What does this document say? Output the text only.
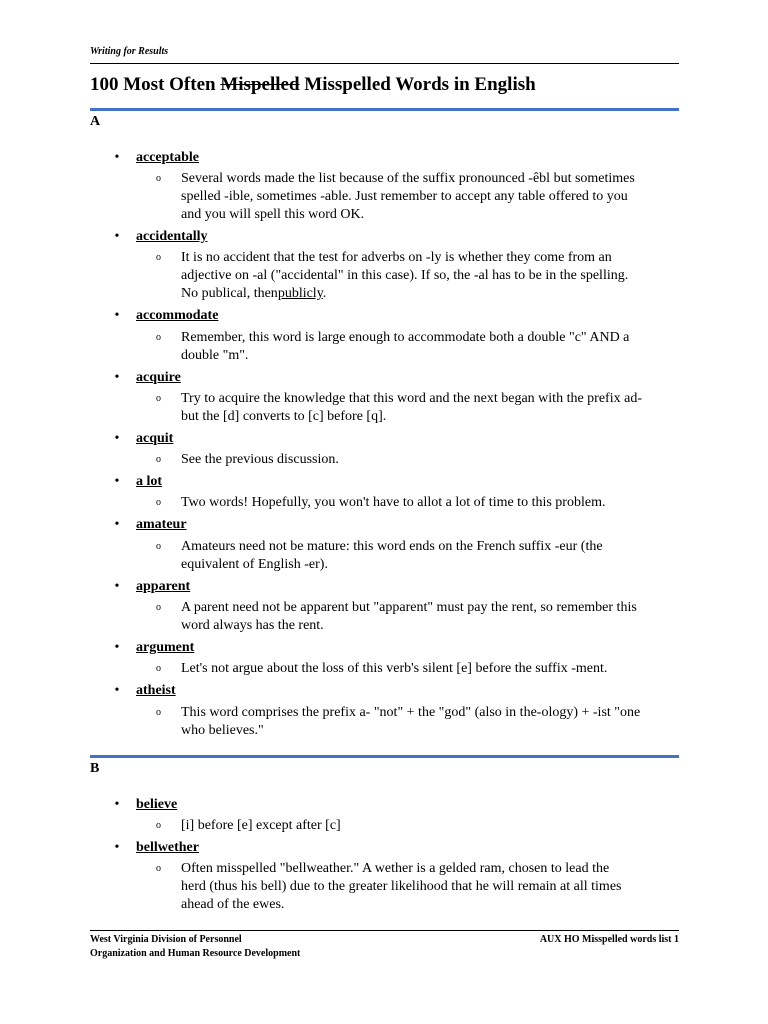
Writing for Results
100 Most Often Mispelled Misspelled Words in English
A
•	acceptable
o Several words made the list because of the suffix pronounced -êbl but sometimes
spelled -ible, sometimes -able. Just remember to accept any table offered to you
and you will spell this word OK.
•	accidentally
o It is no accident that the test for adverbs on -ly is whether they come from an
adjective on -al ("accidental" in this case). If so, the -al has to be in the spelling.
No publical, thenpublicly.
•	accommodate
o Remember, this word is large enough to accommodate both a double "c" AND a
double "m".
•	acquire
o Try to acquire the knowledge that this word and the next began with the prefix ad-
but the [d] converts to [c] before [q].
•	acquit
o See the previous discussion.
•	a lot
o Two words! Hopefully, you won't have to allot a lot of time to this problem.
•	amateur
o Amateurs need not be mature: this word ends on the French suffix -eur (the
equivalent of English -er).
•	apparent
o A parent need not be apparent but "apparent" must pay the rent, so remember this
word always has the rent.
•	argument
o Let's not argue about the loss of this verb's silent [e] before the suffix -ment.
•	atheist
o This word comprises the prefix a- "not" + the "god" (also in the-ology) + -ist "one
who believes."
B
•	believe
o [i] before [e] except after [c]
•	bellwether
o Often misspelled "bellweather." A wether is a gelded ram, chosen to lead the
herd (thus his bell) due to the greater likelihood that he will remain at all times
ahead of the ewes.
West Virginia Division of Personnel
Organization and Human Resource Development
AUX HO Misspelled words list 1
